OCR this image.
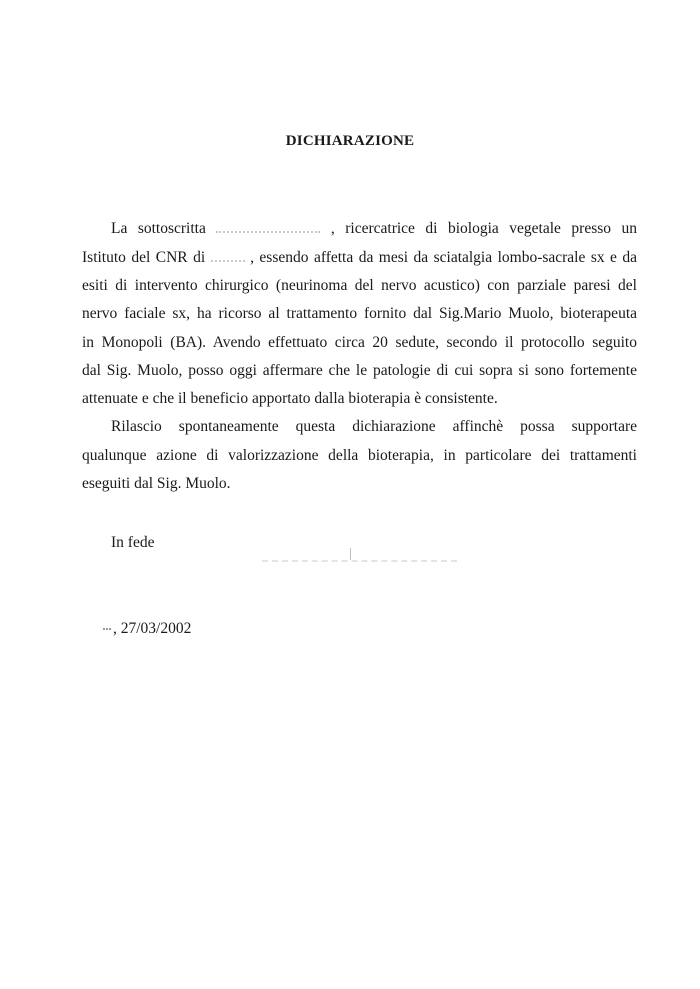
DICHIARAZIONE
La sottoscritta	, ricercatrice di biologia vegetale presso un
Istituto del CNR di	, essendo affetta da mesi da sciatalgia lombo-sacrale sx e da
esiti di intervento chirurgico (neurinoma del nervo acustico) con parziale paresi del
nervo faciale sx, ha ricorso al trattamento fornito dal Sig.Mario Muolo, bioterapeuta
in Monopoli (BA). Avendo effettuato circa 20 sedute, secondo il protocollo seguito
dal Sig. Muolo, posso oggi affermare che le patologie di cui sopra si sono fortemente
attenuate e che il beneficio apportato dalla bioterapia è consistente.
Rilascio spontaneamente questa dichiarazione affinchè possa supportare
qualunque azione di valorizzazione della bioterapia, in particolare dei trattamenti
eseguiti dal Sig. Muolo.
In fede
, 27/03/2002
